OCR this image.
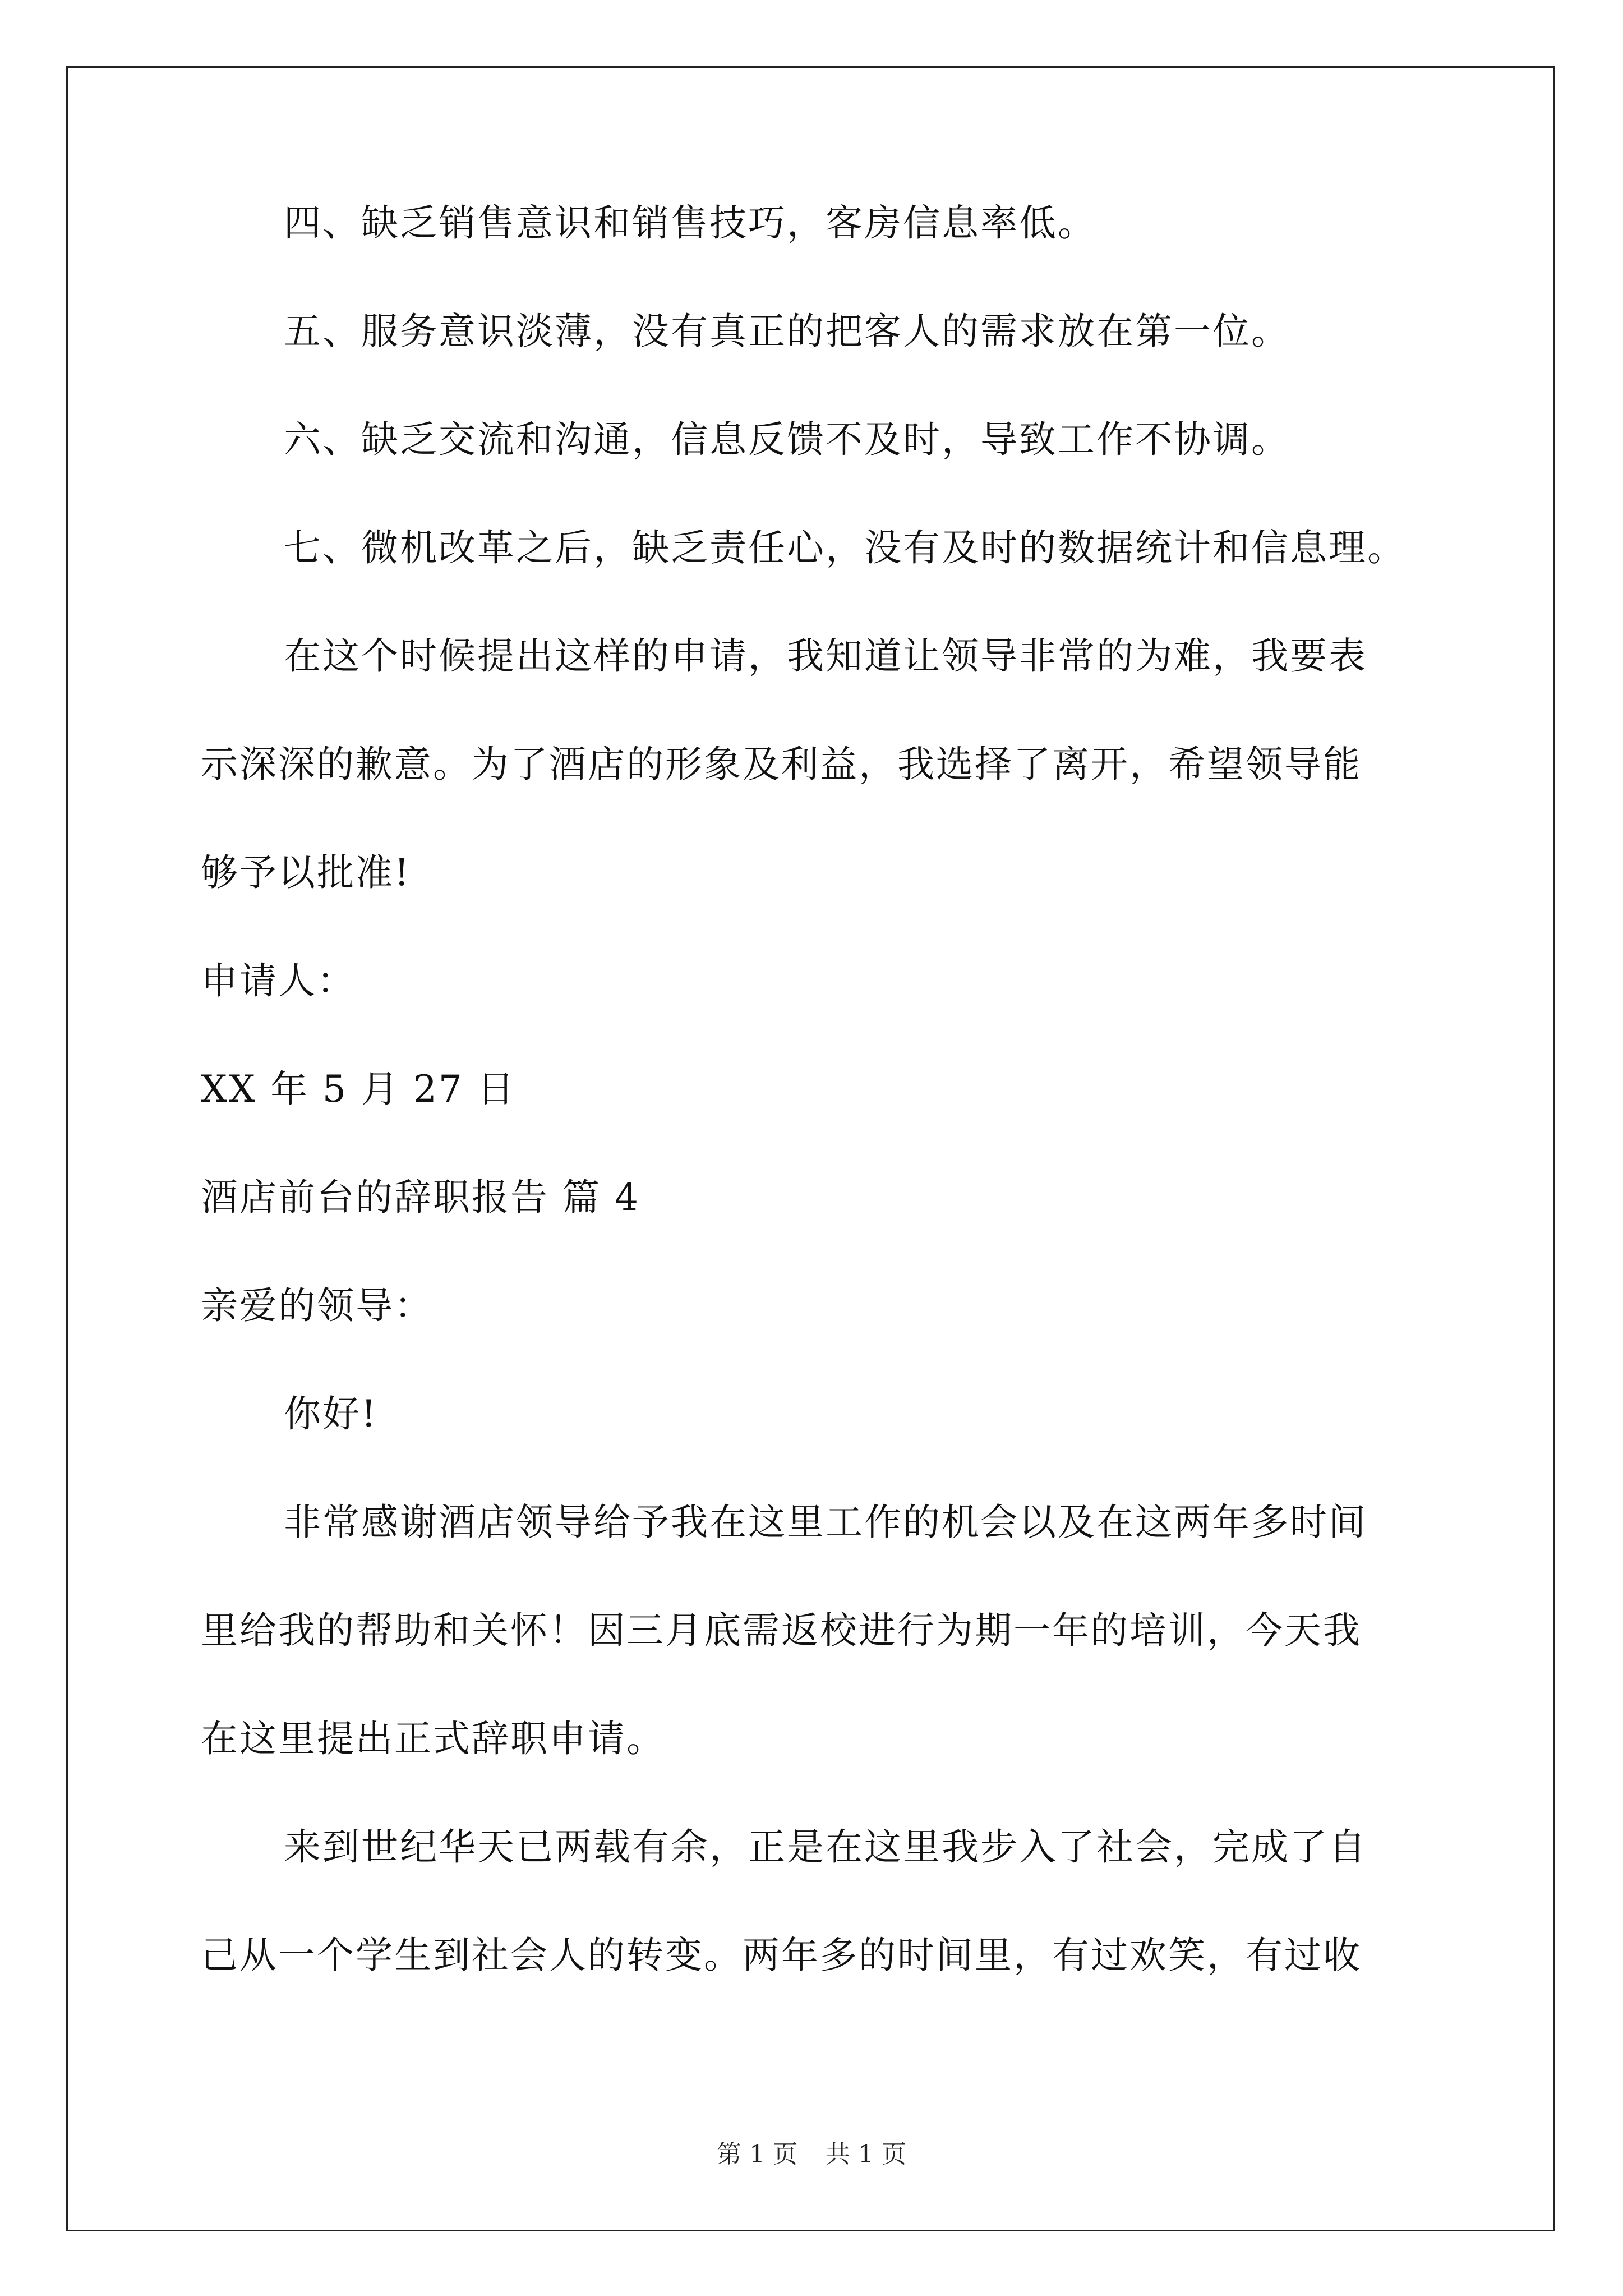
四、缺乏销售意识和销售技巧，客房信息率低。
五、服务意识淡薄，没有真正的把客人的需求放在第一位。
六、缺乏交流和沟通，信息反馈不及时，导致工作不协调。
七、微机改革之后，缺乏责任心，没有及时的数据统计和信息理。
在这个时候提出这样的申请，我知道让领导非常的为难，我要表
示深深的歉意。为了酒店的形象及利益，我选择了离开，希望领导能
够予以批准!
申请人：
XX 年 5 月 27 日
酒店前台的辞职报告 篇 4
亲爱的领导：
你好!
非常感谢酒店领导给予我在这里工作的机会以及在这两年多时间
里给我的帮助和关怀！因三月底需返校进行为期一年的培训，今天我
在这里提出正式辞职申请。
来到世纪华天已两载有余，正是在这里我步入了社会，完成了自
己从一个学生到社会人的转变。两年多的时间里，有过欢笑，有过收
第 1 页 共 1 页
